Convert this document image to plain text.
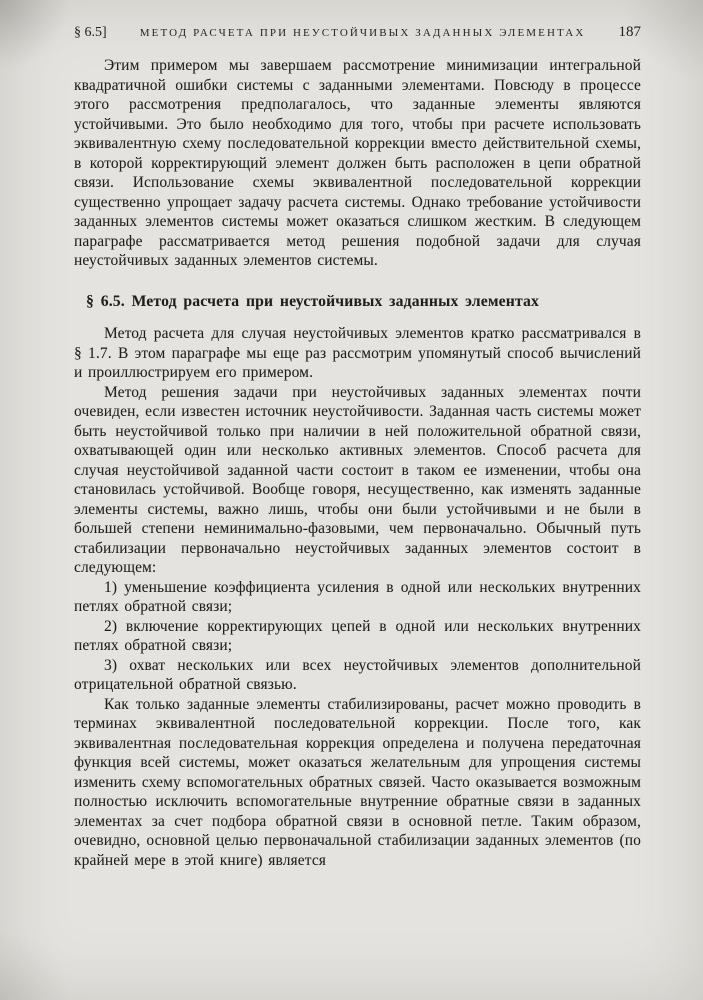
§ 6.5]	МЕТОД РАСЧЕТА ПРИ НЕУСТОЙЧИВЫХ ЗАДАННЫХ ЭЛЕМЕНТАХ	187

Этим примером мы завершаем рассмотрение минимизации интегральной квадратичной ошибки системы с заданными элементами. Повсюду в процессе этого рассмотрения предполагалось, что заданные элементы являются устойчивыми. Это было необходимо для того, чтобы при расчете использовать эквивалентную схему последовательной коррекции вместо действительной схемы, в которой корректирующий элемент должен быть расположен в цепи обратной связи. Использование схемы эквивалентной последовательной коррекции существенно упрощает задачу расчета системы. Однако требование устойчивости заданных элементов системы может оказаться слишком жестким. В следующем параграфе рассматривается метод решения подобной задачи для случая неустойчивых заданных элементов системы.

§ 6.5. Метод расчета при неустойчивых заданных элементах

Метод расчета для случая неустойчивых элементов кратко рассматривался в § 1.7. В этом параграфе мы еще раз рассмотрим упомянутый способ вычислений и проиллюстрируем его примером.

Метод решения задачи при неустойчивых заданных элементах почти очевиден, если известен источник неустойчивости. Заданная часть системы может быть неустойчивой только при наличии в ней положительной обратной связи, охватывающей один или несколько активных элементов. Способ расчета для случая неустойчивой заданной части состоит в таком ее изменении, чтобы она становилась устойчивой. Вообще говоря, несущественно, как изменять заданные элементы системы, важно лишь, чтобы они были устойчивыми и не были в большей степени неминимально-фазовыми, чем первоначально. Обычный путь стабилизации первоначально неустойчивых заданных элементов состоит в следующем:

1) уменьшение коэффициента усиления в одной или нескольких внутренних петлях обратной связи;

2) включение корректирующих цепей в одной или нескольких внутренних петлях обратной связи;

3) охват нескольких или всех неустойчивых элементов дополнительной отрицательной обратной связью.

Как только заданные элементы стабилизированы, расчет можно проводить в терминах эквивалентной последовательной коррекции. После того, как эквивалентная последовательная коррекция определена и получена передаточная функция всей системы, может оказаться желательным для упрощения системы изменить схему вспомогательных обратных связей. Часто оказывается возможным полностью исключить вспомогательные внутренние обратные связи в заданных элементах за счет подбора обратной связи в основной петле. Таким образом, очевидно, основной целью первоначальной стабилизации заданных элементов (по крайней мере в этой книге) является
